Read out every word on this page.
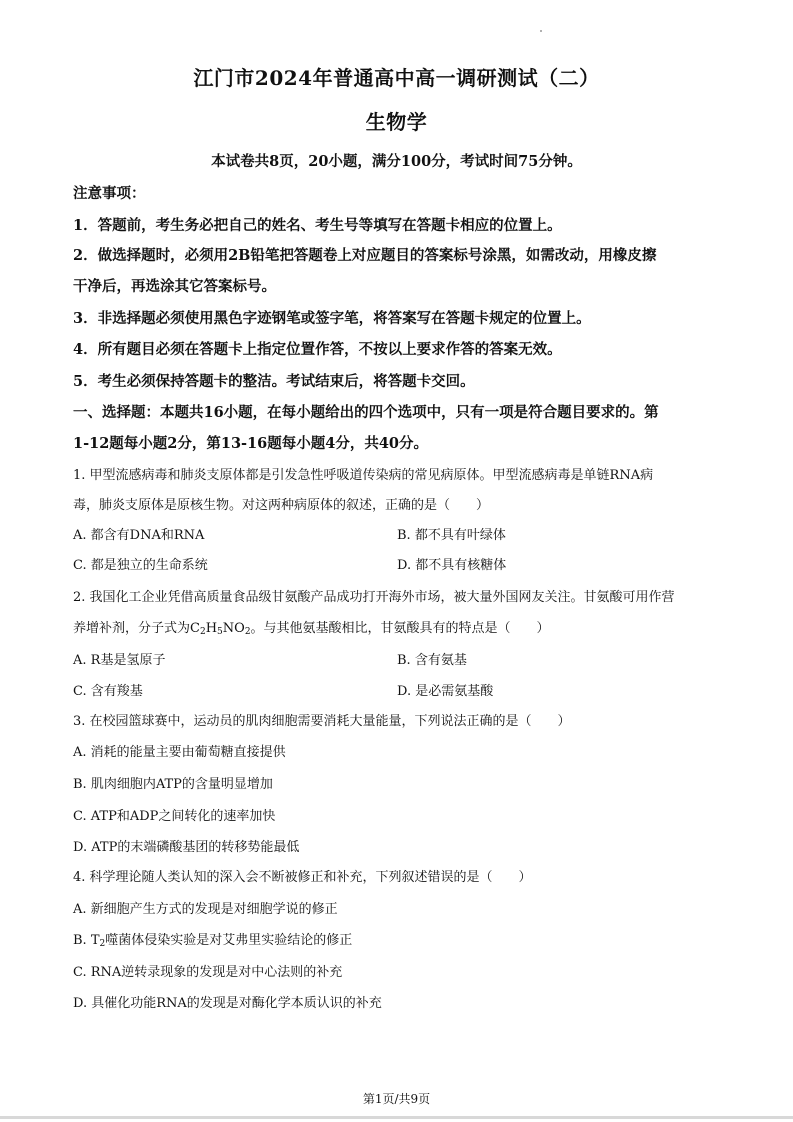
江门市2024年普通高中高一调研测试（二）
生物学
本试卷共8页，20小题，满分100分，考试时间75分钟。
注意事项：
1．答题前，考生务必把自己的姓名、考生号等填写在答题卡相应的位置上。
2．做选择题时，必须用2B铅笔把答题卷上对应题目的答案标号涂黑，如需改动，用橡皮擦
干净后，再选涂其它答案标号。
3．非选择题必须使用黑色字迹钢笔或签字笔，将答案写在答题卡规定的位置上。
4．所有题目必须在答题卡上指定位置作答，不按以上要求作答的答案无效。
5．考生必须保持答题卡的整洁。考试结束后，将答题卡交回。
一、选择题：本题共16小题，在每小题给出的四个选项中，只有一项是符合题目要求的。第
1-12题每小题2分，第13-16题每小题4分，共40分。
1. 甲型流感病毒和肺炎支原体都是引发急性呼吸道传染病的常见病原体。甲型流感病毒是单链RNA病
毒，肺炎支原体是原核生物。对这两种病原体的叙述，正确的是（　　）
A. 都含有DNA和RNA	B. 都不具有叶绿体
C. 都是独立的生命系统	D. 都不具有核糖体
2. 我国化工企业凭借高质量食品级甘氨酸产品成功打开海外市场，被大量外国网友关注。甘氨酸可用作营
养增补剂，分子式为$C_2H_5NO_2$。与其他氨基酸相比，甘氨酸具有的特点是（　　）
A. R基是氢原子	B. 含有氨基
C. 含有羧基	D. 是必需氨基酸
3. 在校园篮球赛中，运动员的肌肉细胞需要消耗大量能量，下列说法正确的是（　　）
A. 消耗的能量主要由葡萄糖直接提供
B. 肌肉细胞内ATP的含量明显增加
C. ATP和ADP之间转化的速率加快
D. ATP的末端磷酸基团的转移势能最低
4. 科学理论随人类认知的深入会不断被修正和补充，下列叙述错误的是（　　）
A. 新细胞产生方式的发现是对细胞学说的修正
B. $T_2$噬菌体侵染实验是对艾弗里实验结论的修正
C. RNA逆转录现象的发现是对中心法则的补充
D. 具催化功能RNA的发现是对酶化学本质认识的补充
第1页/共9页
